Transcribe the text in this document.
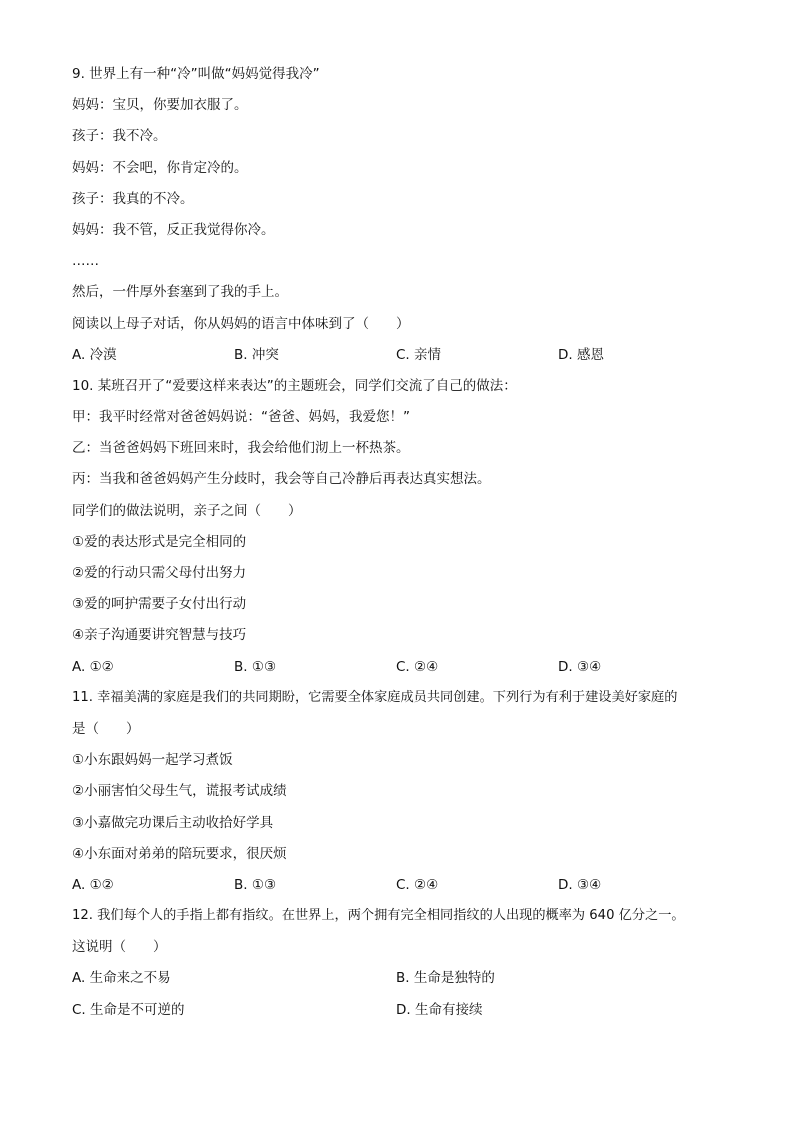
9. 世界上有一种“冷”叫做“妈妈觉得我冷”
妈妈：宝贝，你要加衣服了。
孩子：我不冷。
妈妈：不会吧，你肯定冷的。
孩子：我真的不冷。
妈妈：我不管，反正我觉得你冷。
……
然后，一件厚外套塞到了我的手上。
阅读以上母子对话，你从妈妈的语言中体味到了（　　）
A. 冷漠	B. 冲突	C. 亲情	D. 感恩
10. 某班召开了“爱要这样来表达”的主题班会，同学们交流了自己的做法：
甲：我平时经常对爸爸妈妈说：“爸爸、妈妈，我爱您！”
乙：当爸爸妈妈下班回来时，我会给他们沏上一杯热茶。
丙：当我和爸爸妈妈产生分歧时，我会等自己冷静后再表达真实想法。
同学们的做法说明，亲子之间（　　）
①爱的表达形式是完全相同的
②爱的行动只需父母付出努力
③爱的呵护需要子女付出行动
④亲子沟通要讲究智慧与技巧
A. ①②	B. ①③	C. ②④	D. ③④
11. 幸福美满的家庭是我们的共同期盼，它需要全体家庭成员共同创建。下列行为有利于建设美好家庭的
是（　　）
①小东跟妈妈一起学习煮饭
②小丽害怕父母生气，谎报考试成绩
③小嘉做完功课后主动收拾好学具
④小东面对弟弟的陪玩要求，很厌烦
A. ①②	B. ①③	C. ②④	D. ③④
12. 我们每个人的手指上都有指纹。在世界上，两个拥有完全相同指纹的人出现的概率为 640 亿分之一。
这说明（　　）
A. 生命来之不易	B. 生命是独特的
C. 生命是不可逆的	D. 生命有接续
